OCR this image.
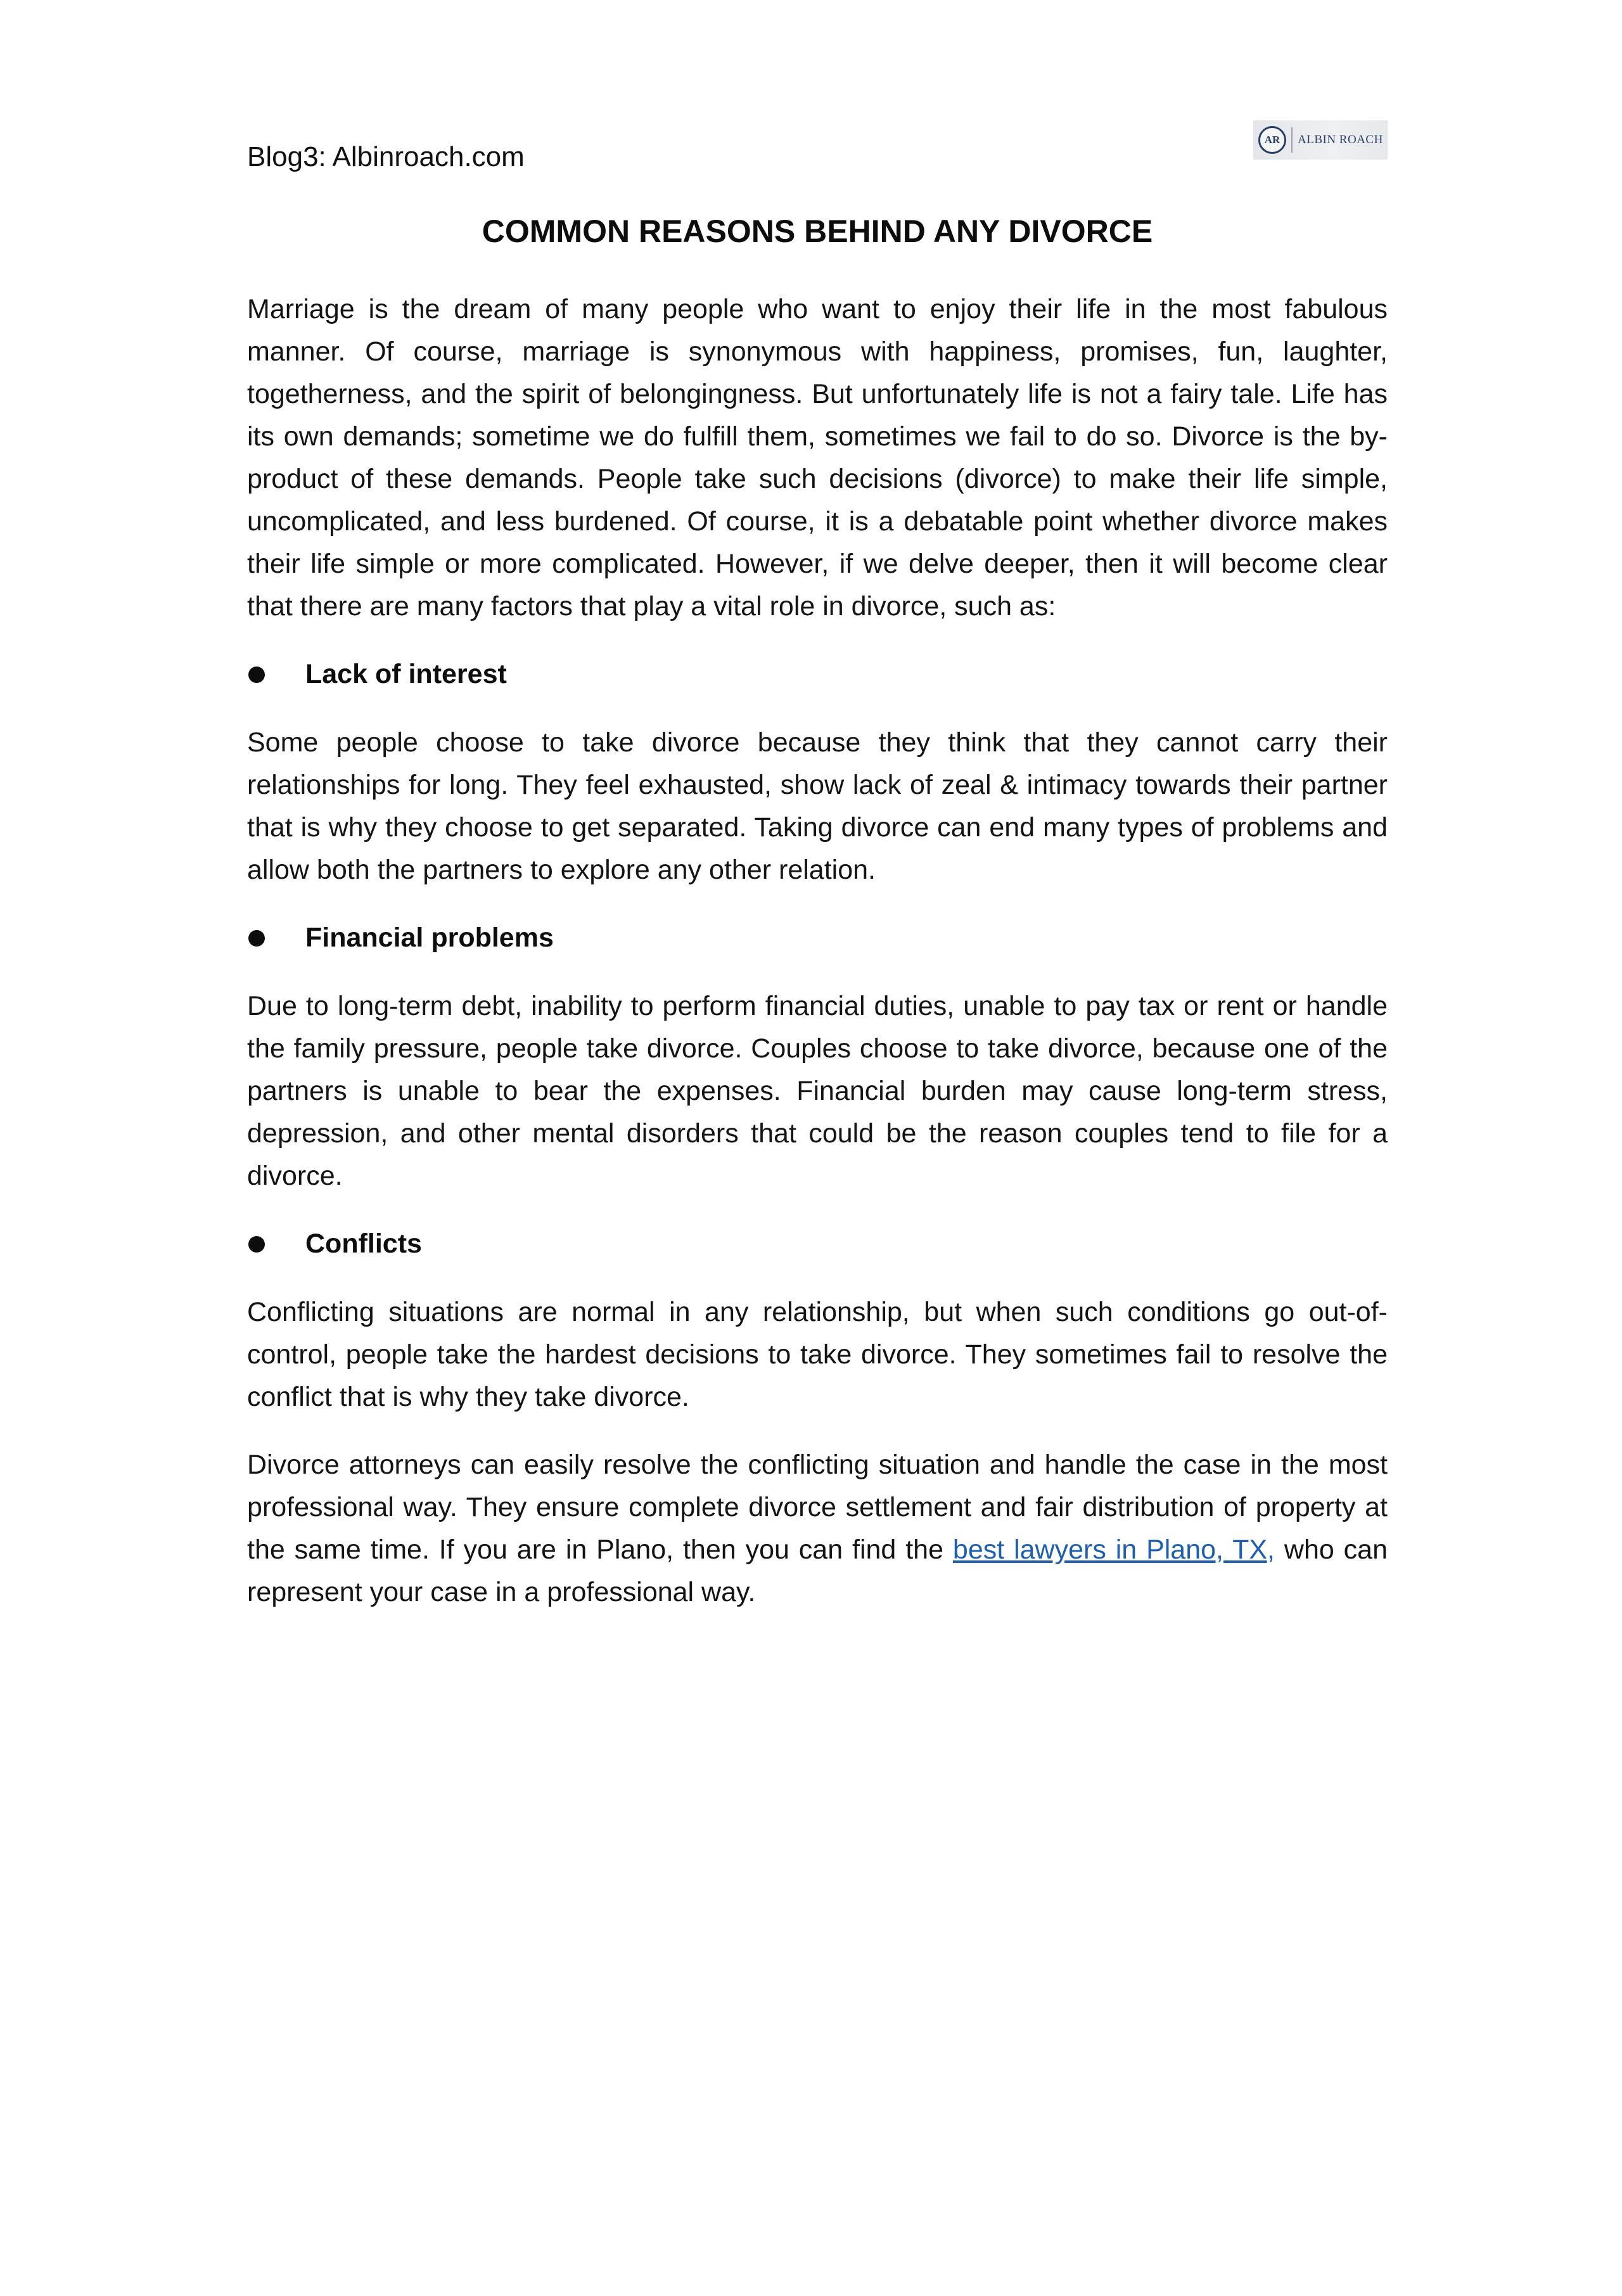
Blog3: Albinroach.com
AR	ALBIN ROACH
COMMON REASONS BEHIND ANY DIVORCE

Marriage is the dream of many people who want to enjoy their life in the most fabulous manner. Of course, marriage is synonymous with happiness, promises, fun, laughter, togetherness, and the spirit of belongingness. But unfortunately life is not a fairy tale. Life has its own demands; sometime we do fulfill them, sometimes we fail to do so. Divorce is the by-product of these demands. People take such decisions (divorce) to make their life simple, uncomplicated, and less burdened. Of course, it is a debatable point whether divorce makes their life simple or more complicated. However, if we delve deeper, then it will become clear that there are many factors that play a vital role in divorce, such as:

Lack of interest

Some people choose to take divorce because they think that they cannot carry their relationships for long. They feel exhausted, show lack of zeal & intimacy towards their partner that is why they choose to get separated. Taking divorce can end many types of problems and allow both the partners to explore any other relation.

Financial problems

Due to long-term debt, inability to perform financial duties, unable to pay tax or rent or handle the family pressure, people take divorce. Couples choose to take divorce, because one of the partners is unable to bear the expenses. Financial burden may cause long-term stress, depression, and other mental disorders that could be the reason couples tend to file for a divorce.

Conflicts

Conflicting situations are normal in any relationship, but when such conditions go out-of-control, people take the hardest decisions to take divorce. They sometimes fail to resolve the conflict that is why they take divorce.

Divorce attorneys can easily resolve the conflicting situation and handle the case in the most professional way. They ensure complete divorce settlement and fair distribution of property at the same time. If you are in Plano, then you can find the best lawyers in Plano, TX, who can represent your case in a professional way.
